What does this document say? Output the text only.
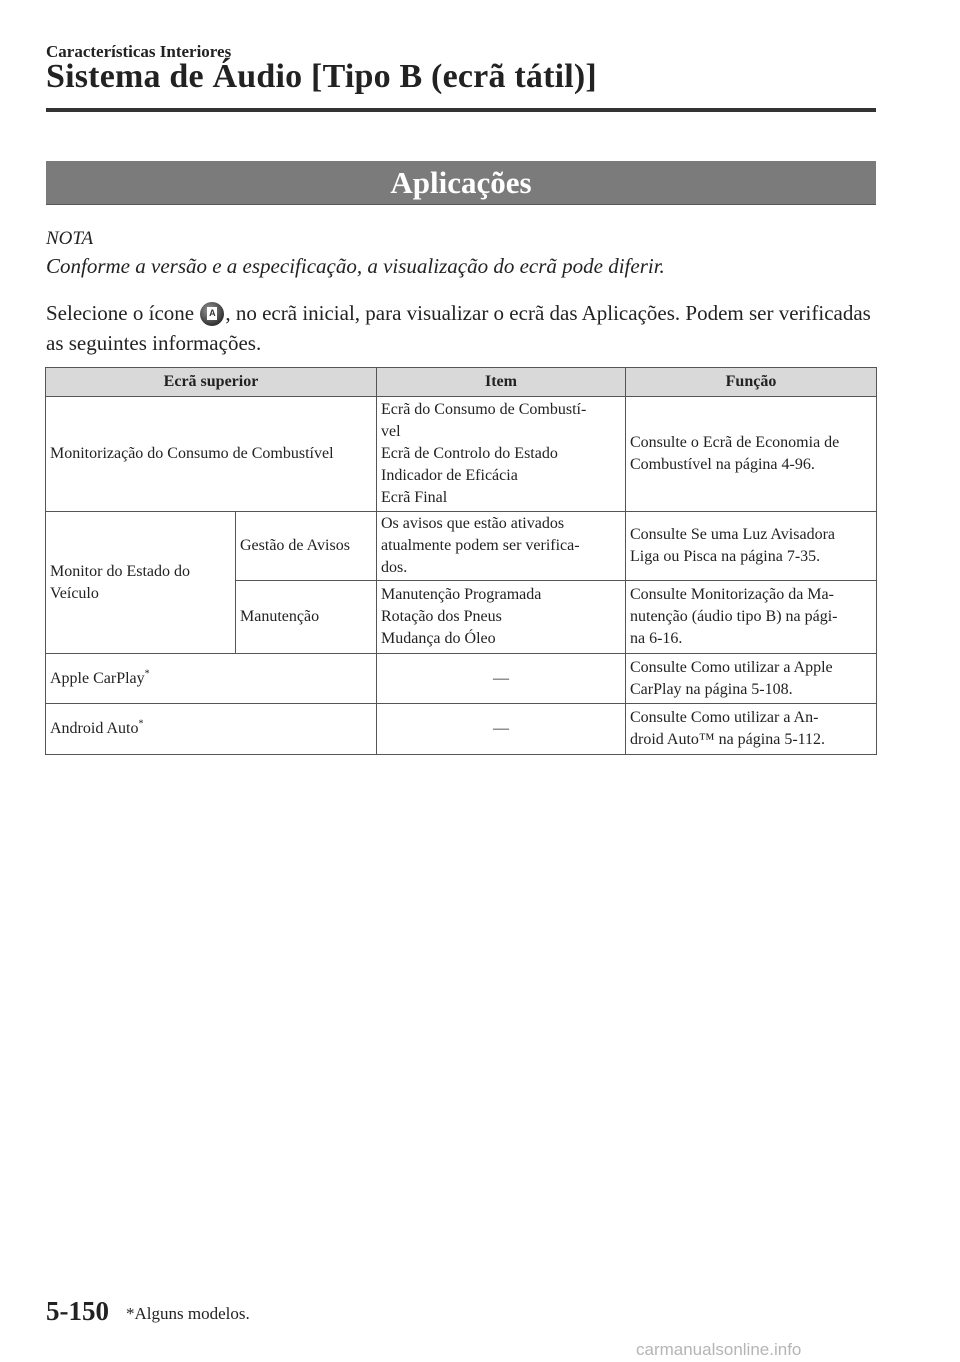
Características Interiores
Sistema de Áudio [Tipo B (ecrã tátil)]
Aplicações
NOTA
Conforme a versão e a especificação, a visualização do ecrã pode diferir.
Selecione o ícone A , no ecrã inicial, para visualizar o ecrã das Aplicações. Podem ser verificadas as seguintes informações.
Ecrã superior		Item	Função
Monitorização do Consumo de Combustível		Ecrã do Consumo de Combustí-
vel
Ecrã de Controlo do Estado
Indicador de Eficácia
Ecrã Final	Consulte o Ecrã de Economia de
Combustível na página 4-96.

Monitor do Estado do
Veículo	Gestão de Avisos	Os avisos que estão ativados
atualmente podem ser verifica-
dos.	Consulte Se uma Luz Avisadora
Liga ou Pisca na página 7-35.

	Manutenção	Manutenção Programada
Rotação dos Pneus
Mudança do Óleo	Consulte Monitorização da Ma-
nutenção (áudio tipo B) na pági-
na 6-16.

Apple CarPlay*		―	Consulte Como utilizar a Apple
CarPlay na página 5-108.

Android Auto*		―	Consulte Como utilizar a An-
droid Auto™ na página 5-112.
5-150 *Alguns modelos.
carmanualsonline.info
